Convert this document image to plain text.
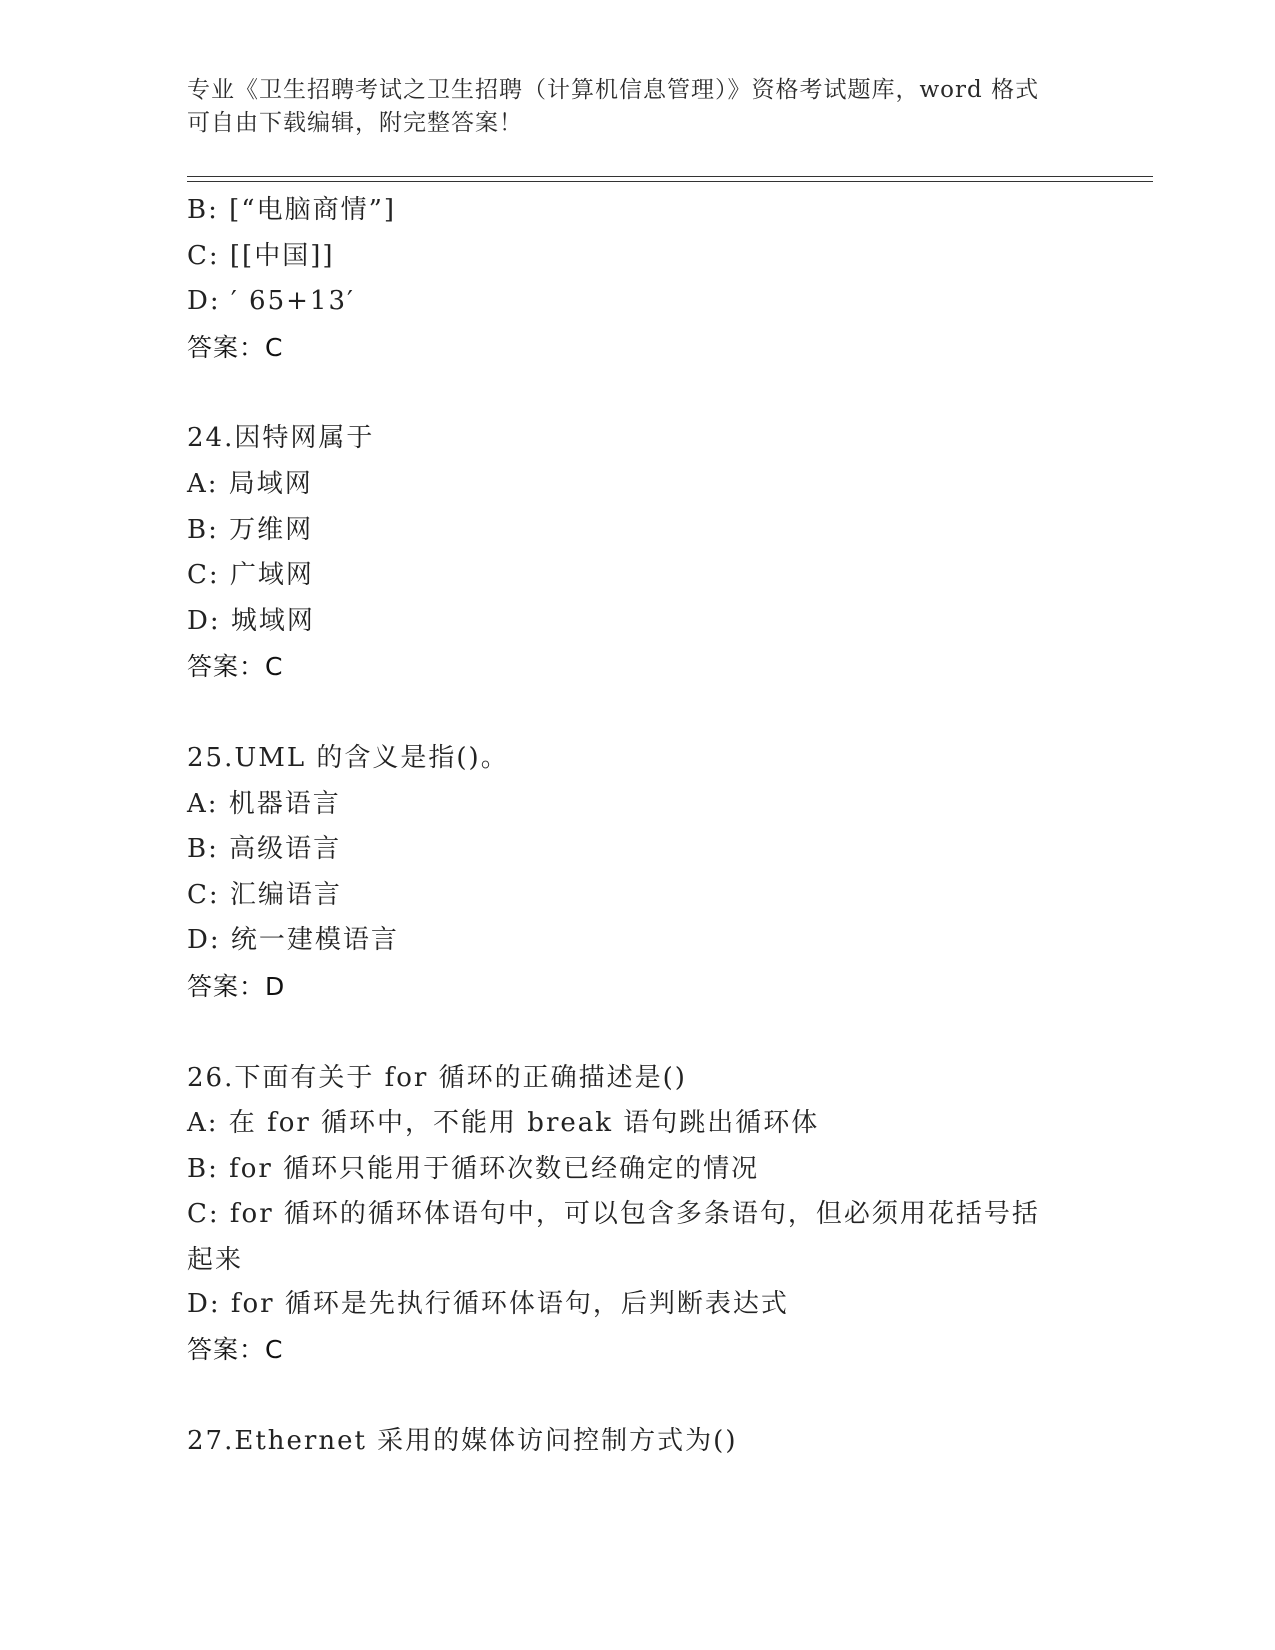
专业《卫生招聘考试之卫生招聘（计算机信息管理）》资格考试题库，word 格式
可自由下载编辑，附完整答案！
B: [“电脑商情”]
C: [[中国]]
D: ′ 65+13′
答案：C
24.因特网属于
A: 局域网
B: 万维网
C: 广域网
D: 城域网
答案：C
25.UML 的含义是指()。
A: 机器语言
B: 高级语言
C: 汇编语言
D: 统一建模语言
答案：D
26.下面有关于 for 循环的正确描述是()
A: 在 for 循环中，不能用 break 语句跳出循环体
B: for 循环只能用于循环次数已经确定的情况
C: for 循环的循环体语句中，可以包含多条语句，但必须用花括号括
起来
D: for 循环是先执行循环体语句，后判断表达式
答案：C
27.Ethernet 采用的媒体访问控制方式为()
